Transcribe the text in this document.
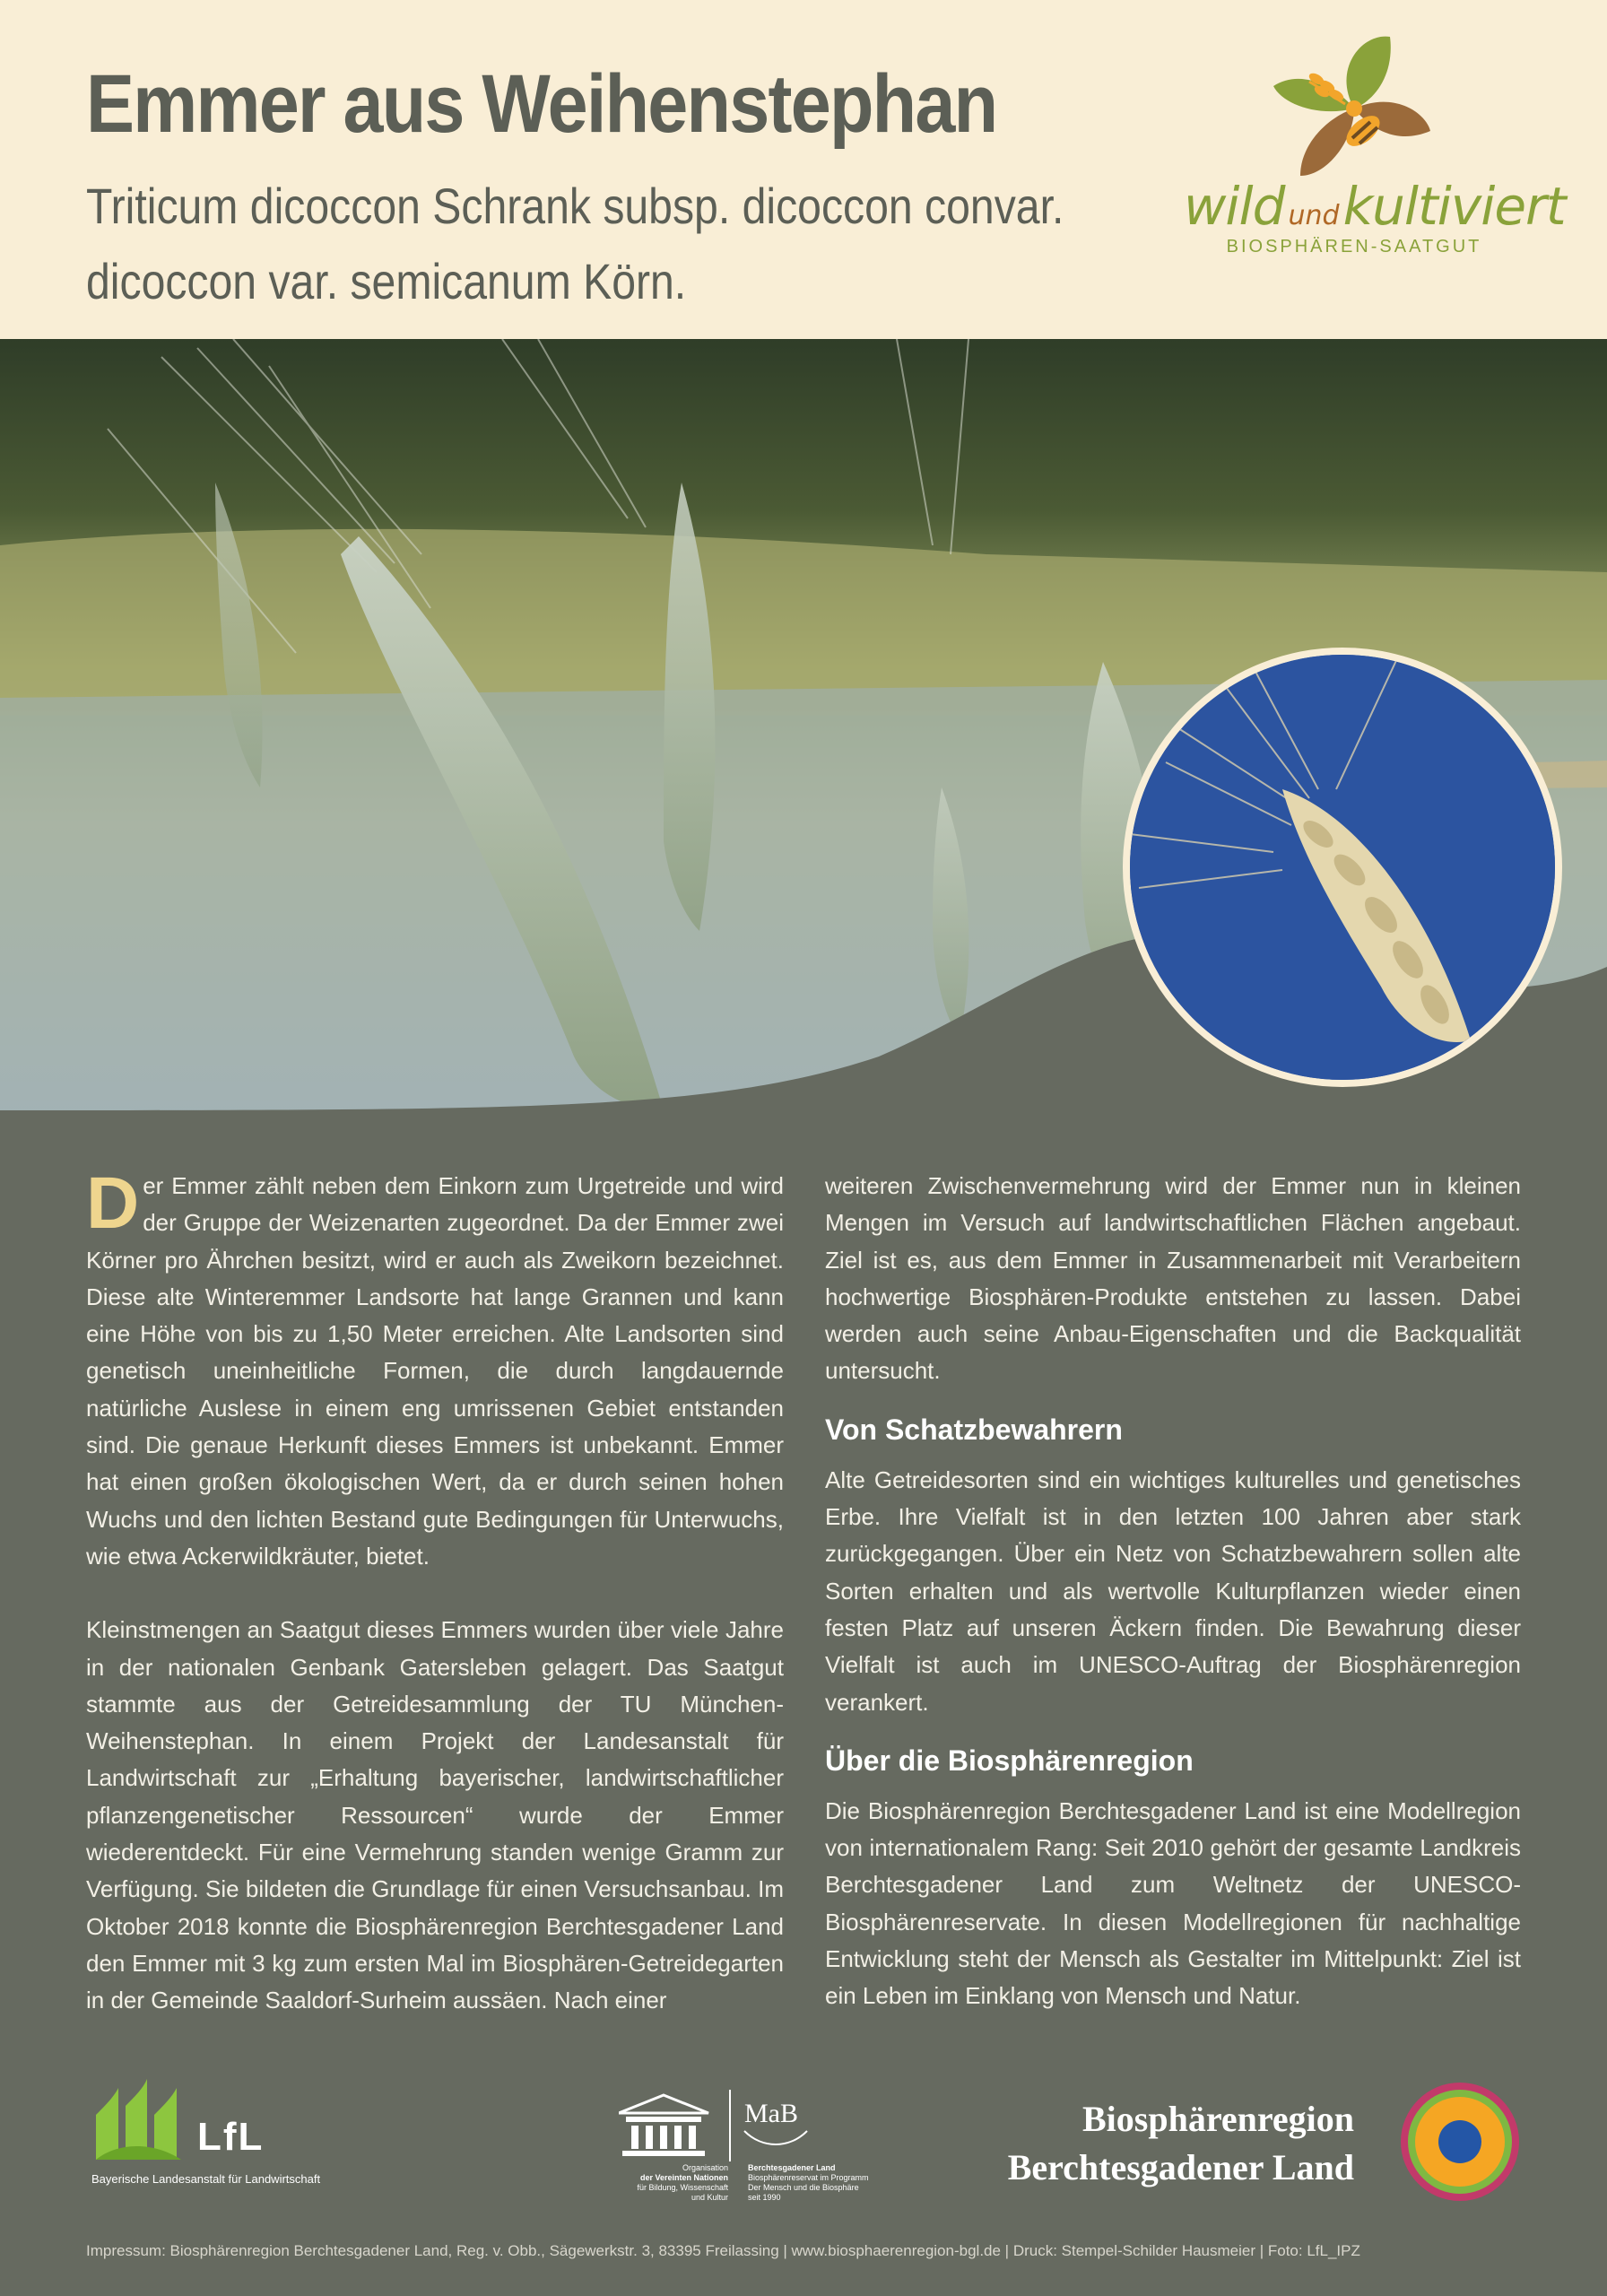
Emmer aus Weihenstephan

Triticum dicoccon Schrank subsp. dicoccon convar.

dicoccon var. semicanum Körn.

wild undkultiviert
BIOSPHÄREN-SAATGUT

Der Emmer zählt neben dem Einkorn zum Urgetreide und wird der Gruppe der Weizenarten zugeordnet. Da der Emmer zwei Körner pro Ährchen besitzt, wird er auch als Zweikorn bezeichnet. Diese alte Winteremmer Landsorte hat lange Grannen und kann eine Höhe von bis zu 1,50 Meter erreichen. Alte Landsorten sind genetisch uneinheitliche Formen, die durch langdauernde natürliche Auslese in einem eng umrissenen Gebiet entstanden sind. Die genaue Herkunft dieses Emmers ist unbekannt. Emmer hat einen großen ökologischen Wert, da er durch seinen hohen Wuchs und den lichten Bestand gute Bedingungen für Unterwuchs, wie etwa Ackerwildkräuter, bietet.

Kleinstmengen an Saatgut dieses Emmers wurden über viele Jahre in der nationalen Genbank Gatersleben gelagert. Das Saatgut stammte aus der Getreidesammlung der TU München-Weihenstephan. In einem Projekt der Landesanstalt für Landwirtschaft zur „Erhaltung bayerischer, landwirtschaftlicher pflanzengenetischer Ressourcen“ wurde der Emmer wiederentdeckt. Für eine Vermehrung standen wenige Gramm zur Verfügung. Sie bildeten die Grundlage für einen Versuchsanbau. Im Oktober 2018 konnte die Biosphärenregion Berchtesgadener Land den Emmer mit 3 kg zum ersten Mal im Biosphären-Getreidegarten in der Gemeinde Saaldorf-Surheim aussäen. Nach einer

weiteren Zwischenvermehrung wird der Emmer nun in kleinen Mengen im Versuch auf landwirtschaftlichen Flächen angebaut. Ziel ist es, aus dem Emmer in Zusammenarbeit mit Verarbeitern hochwertige Biosphären-Produkte entstehen zu lassen. Dabei werden auch seine Anbau-Eigenschaften und die Backqualität untersucht.

Von Schatzbewahrern

Alte Getreidesorten sind ein wichtiges kulturelles und genetisches Erbe. Ihre Vielfalt ist in den letzten 100 Jahren aber stark zurückgegangen. Über ein Netz von Schatzbewahrern sollen alte Sorten erhalten und als wertvolle Kulturpflanzen wieder einen festen Platz auf unseren Äckern finden. Die Bewahrung dieser Vielfalt ist auch im UNESCO-Auftrag der Biosphärenregion verankert.

Über die Biosphärenregion

Die Biosphärenregion Berchtesgadener Land ist eine Modellregion von internationalem Rang: Seit 2010 gehört der gesamte Landkreis Berchtesgadener Land zum Weltnetz der UNESCO-Biosphärenreservate. In diesen Modellregionen für nachhaltige Entwicklung steht der Mensch als Gestalter im Mittelpunkt: Ziel ist ein Leben im Einklang von Mensch und Natur.

LfL
Bayerische Landesanstalt für Landwirtschaft
MaB
Organisation
der Vereinten Nationen
für Bildung, Wissenschaft
und Kultur
Berchtesgadener Land
Biosphärenreservat im Programm
Der Mensch und die Biosphäre
seit 1990
Biosphärenregion
Berchtesgadener Land
Impressum: Biosphärenregion Berchtesgadener Land, Reg. v. Obb., Sägewerkstr. 3, 83395 Freilassing | www.biosphaerenregion-bgl.de | Druck: Stempel-Schilder Hausmeier | Foto: LfL_IPZ
